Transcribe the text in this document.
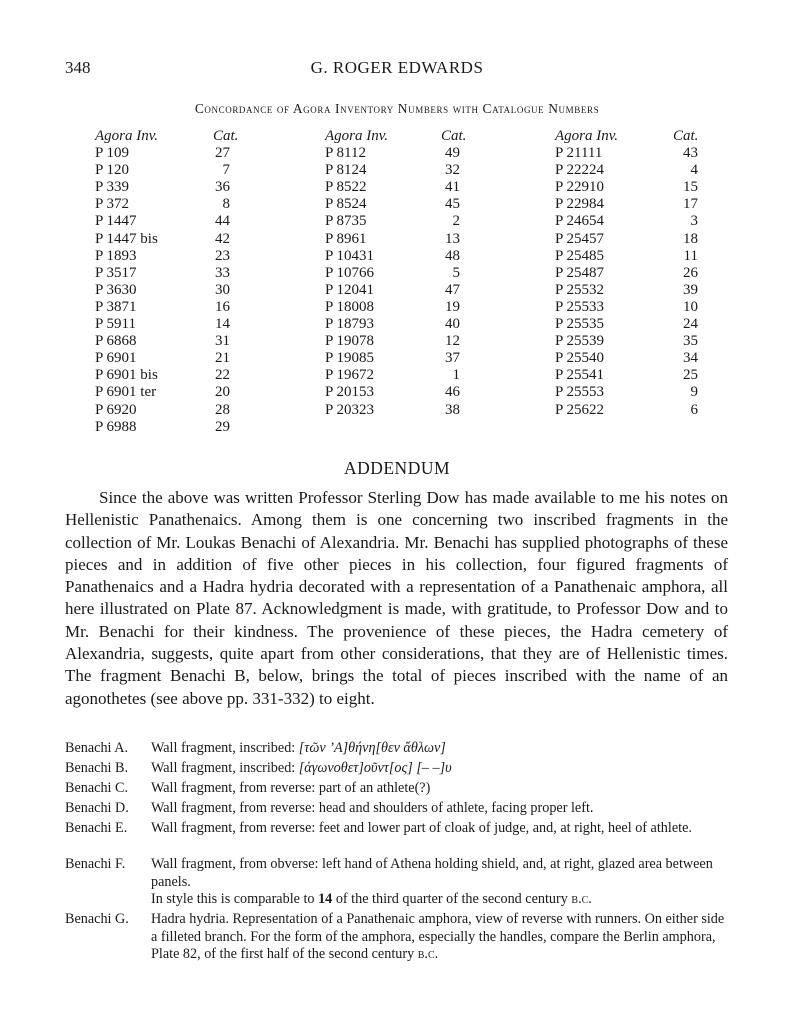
348	G. ROGER EDWARDS
Concordance of Agora Inventory Numbers with Catalogue Numbers
Agora Inv.	Cat.
P 109	27
P 120	7
P 339	36
P 372	8
P 1447	44
P 1447 bis	42
P 1893	23
P 3517	33
P 3630	30
P 3871	16
P 5911	14
P 6868	31
P 6901	21
P 6901 bis	22
P 6901 ter	20
P 6920	28
P 6988	29
Agora Inv.	Cat.
P 8112	49
P 8124	32
P 8522	41
P 8524	45
P 8735	2
P 8961	13
P 10431	48
P 10766	5
P 12041	47
P 18008	19
P 18793	40
P 19078	12
P 19085	37
P 19672	1
P 20153	46
P 20323	38
Agora Inv.	Cat.
P 21111	43
P 22224	4
P 22910	15
P 22984	17
P 24654	3
P 25457	18
P 25485	11
P 25487	26
P 25532	39
P 25533	10
P 25535	24
P 25539	35
P 25540	34
P 25541	25
P 25553	9
P 25622	6
ADDENDUM
Since the above was written Professor Sterling Dow has made available to me his notes on Hellenistic Panathenaics. Among them is one concerning two inscribed fragments in the collection of Mr. Loukas Benachi of Alexandria. Mr. Benachi has supplied photographs of these pieces and in addition of five other pieces in his collection, four figured fragments of Panathenaics and a Hadra hydria decorated with a representation of a Panathenaic amphora, all here illustrated on Plate 87. Acknowledgment is made, with gratitude, to Professor Dow and to Mr. Benachi for their kindness. The provenience of these pieces, the Hadra cemetery of Alexandria, suggests, quite apart from other considerations, that they are of Hellenistic times. The fragment Benachi B, below, brings the total of pieces inscribed with the name of an agonothetes (see above pp. 331-332) to eight.
Benachi A. Wall fragment, inscribed: [τῶν ’Α]θήνη[θεν ἄθλων]
Benachi B. Wall fragment, inscribed: [ἀγωνοθετ]οῦντ[ος] [– –]υ
Benachi C. Wall fragment, from reverse: part of an athlete(?)
Benachi D. Wall fragment, from reverse: head and shoulders of athlete, facing proper left.
Benachi E. Wall fragment, from reverse: feet and lower part of cloak of judge, and, at right, heel of athlete.
Benachi F. Wall fragment, from obverse: left hand of Athena holding shield, and, at right, glazed area between panels.
In style this is comparable to 14 of the third quarter of the second century b.c.
Benachi G. Hadra hydria. Representation of a Panathenaic amphora, view of reverse with runners. On either side a filleted branch. For the form of the amphora, especially the handles, compare the Berlin amphora, Plate 82, of the first half of the second century b.c.
